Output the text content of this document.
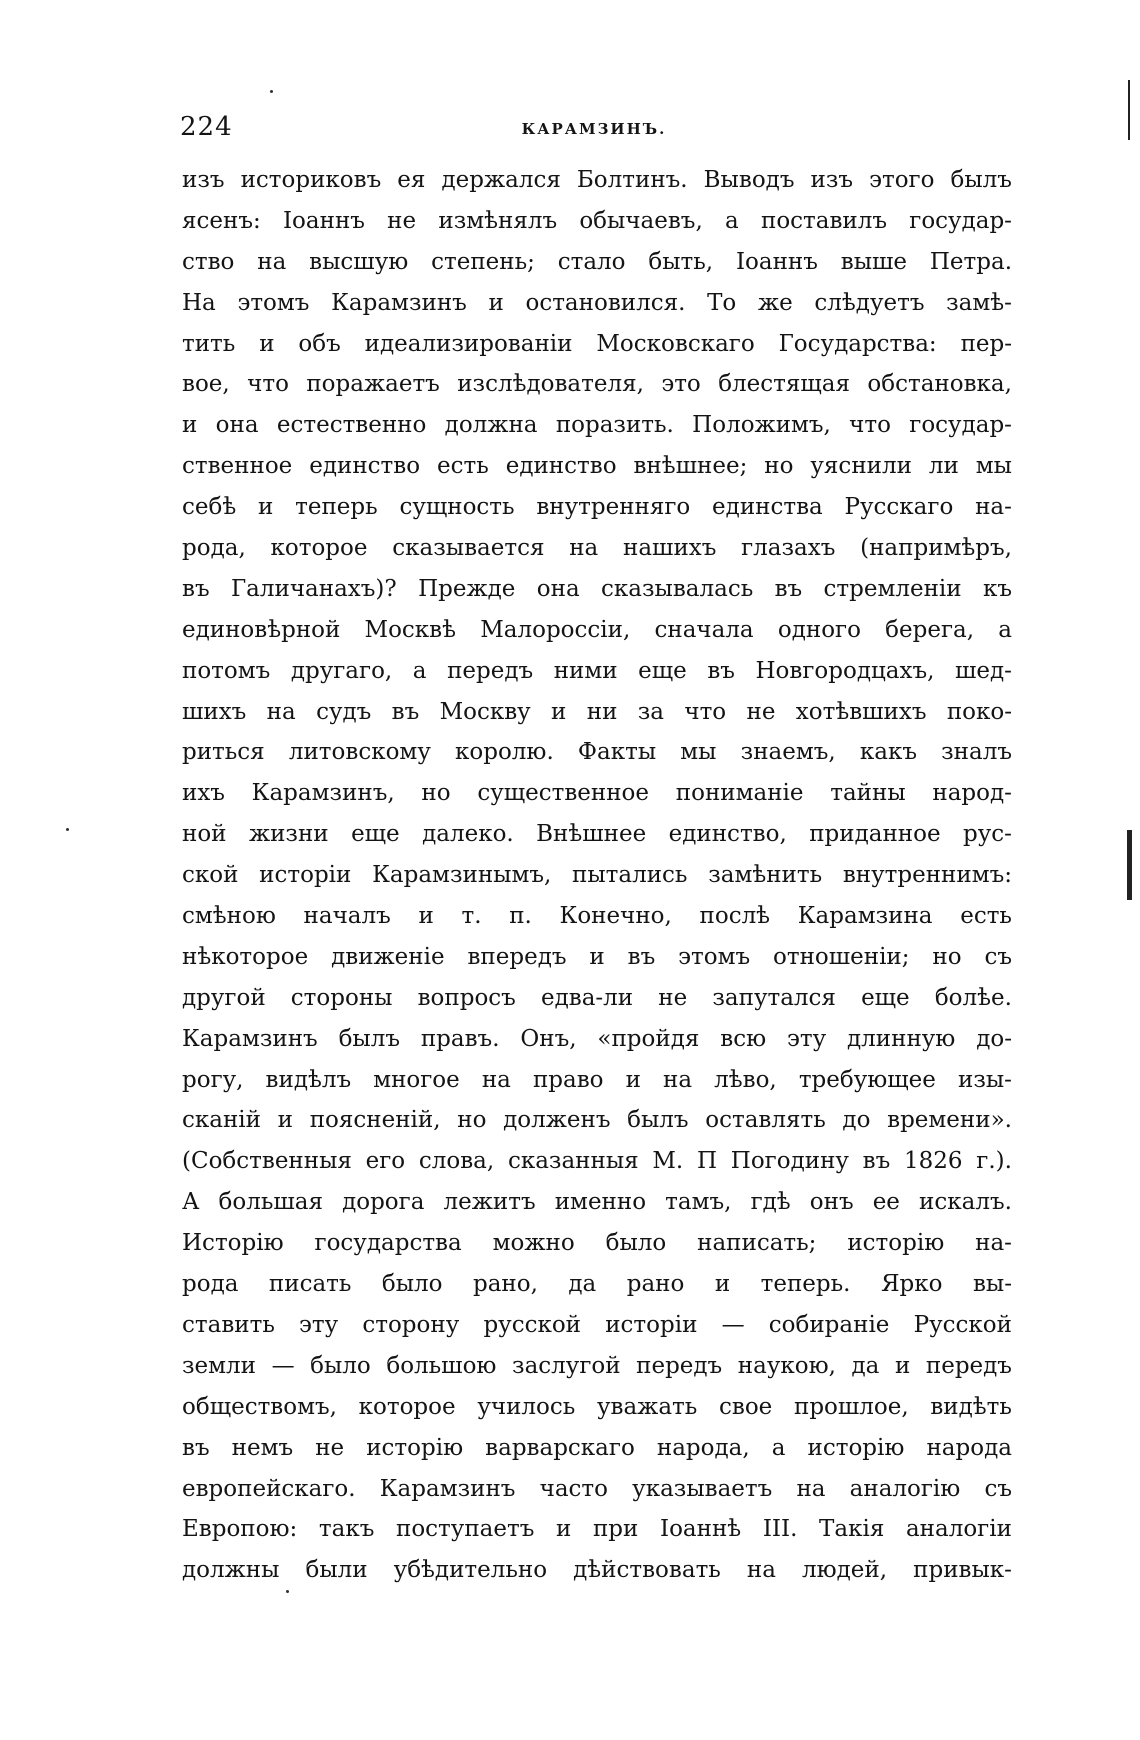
224	КАРАМЗИНЪ.
изъ историковъ ея держался Болтинъ. Выводъ изъ этого былъ
ясенъ: Іоаннъ не измѣнялъ обычаевъ, а поставилъ государ-
ство на высшую степень; стало быть, Іоаннъ выше Петра.
На этомъ Карамзинъ и остановился. То же слѣдуетъ замѣ-
тить и объ идеализированіи Московскаго Государства: пер-
вое, что поражаетъ изслѣдователя, это блестящая обстановка,
и она естественно должна поразить. Положимъ, что государ-
ственное единство есть единство внѣшнее; но уяснили ли мы
себѣ и теперь сущность внутренняго единства Русскаго на-
рода, которое сказывается на нашихъ глазахъ (напримѣръ,
въ Галичанахъ)? Прежде она сказывалась въ стремленіи къ
единовѣрной Москвѣ Малороссіи, сначала одного берега, а
потомъ другаго, а передъ ними еще въ Новгородцахъ, шед-
шихъ на судъ въ Москву и ни за что не хотѣвшихъ поко-
риться литовскому королю. Факты мы знаемъ, какъ зналъ
ихъ Карамзинъ, но существенное пониманіе тайны народ-
ной жизни еще далеко. Внѣшнее единство, приданное рус-
ской исторіи Карамзинымъ, пытались замѣнить внутреннимъ:
смѣною началъ и т. п. Конечно, послѣ Карамзина есть
нѣкоторое движеніе впередъ и въ этомъ отношеніи; но съ
другой стороны вопросъ едва-ли не запутался еще болѣе.
Карамзинъ былъ правъ. Онъ, «пройдя всю эту длинную до-
рогу, видѣлъ многое на право и на лѣво, требующее изы-
сканій и поясненій, но долженъ былъ оставлять до времени».
(Собственныя его слова, сказанныя М. П Погодину въ 1826 г.).
А большая дорога лежитъ именно тамъ, гдѣ онъ ее искалъ.
Исторію государства можно было написать; исторію на-
рода писать было рано, да рано и теперь. Ярко вы-
ставить эту сторону русской исторіи — собираніе Русской
земли — было большою заслугой передъ наукою, да и передъ
обществомъ, которое училось уважать свое прошлое, видѣть
въ немъ не исторію варварскаго народа, а исторію народа
европейскаго. Карамзинъ часто указываетъ на аналогію съ
Европою: такъ поступаетъ и при Іоаннѣ III. Такія аналогіи
должны были убѣдительно дѣйствовать на людей, привык-
